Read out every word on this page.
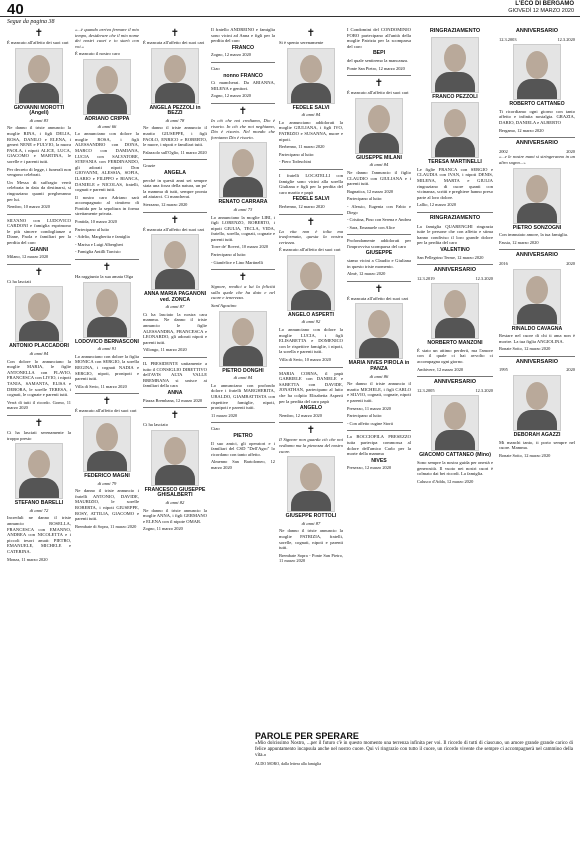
40	L'ECO DI BERGAMO
GIOVEDÌ 12 MARZO 2020
Segue da pagina 38
✝

È mancato all'affetto dei suoi cari

GIOVANNI MOROTTI (Angeli)
di anni 83

Ne danno il triste annuncio la moglie RINA, i figli DELIA, ROSA, DANILO e ELENA, i generi NENE e FULVIO, la nuora PAOLA, i nipoti ALICE, LUCA, GIACOMO e MARTINA, le sorelle e i parenti tutti.

Per decreto di legge, i funerali non vengono celebrati.

Un Messa di suffragio verrà celebrata in data da destinarsi, si ringraziano quanti pregheranno per lui.

Nembro, 10 marzo 2020

SILVANO con LUDOVICO CARDONI e famiglia esprimono le più sincere condoglianze a Diane, Paola e familiari per la perdita del caro

GIANNI

Milano, 12 marzo 2020

✝

Ci ha lasciati

ANTONIO PLACCADORI
di anni 84

Con dolore lo annunciano la moglie MARIA, le figlie ANTONELLA con FLAVIO, FRANCESCA con LIVIO, i nipoti TANIA, SAMANTA, ELISA e DEBORA, le sorelle TERESA, i cognati, le cognate e parenti tutti.

Verrà di tutti il ricordo. Gorno, 11 marzo 2020

✝

Ci ha lasciati serenamente la troppo presto

STEFANO BARELLI
di anni 72

Increduli ne danno il triste annuncio ROSELLA, FRANCESCA con EMANNO, ANDREA con NICOLETTA e i piccoli tesori amati: PIETRO, EMANUELE, MICHELE e CATERINA.

Monza, 11 marzo 2020

«...è quando arriva fermare il mio tempo, desiderare che il mio nome dei nostri cuori e io starò con voi.»

È mancato il nostro caro

ADRIANO CRIPPA
di anni 66

Lo annunciano con dolore la moglie ROSA, i figli ALESSANDRO con DONA, MARCO con DAMIANA, LUCIA con SALVATORE, STEFANIA con FERDINANDO, gli adorati nipoti Don GIOVANNI, ALESSIA, SOFIA, ILARIO e FILIPPO e BIANCA, DANIELE e NICOLAS, fratelli, cognati e parenti tutti.

Il nostro caro Adriano sarà accompagnato al cimitero di Pontida per la sepoltura in forma strettamente privata.

Pontida, 10 marzo 2020

Partecipano al lutto

- Adelio, Margherita e famiglia

- Marisa e Luigi Albergheri

- Famiglia Antilli Tarcisio

✝

Ha raggiunto la sua amata Olga

LODOVICO BERNASCONI
di anni 91

Lo annunciano con dolore la figlia MONICA con SERGIO, la sorella REGINA, i cognati NADIA e SERGIO, nipoti, pronipoti e parenti tutti.

Villa di Serio, 11 marzo 2020

✝

È mancato all'affetto dei suoi cari

FEDERICO MAGNI
di anni 79

Ne danno il triste annuncio i fratelli ANTONIO, DAVIDE, MAURIZIO, le sorelle ROBERTA, i nipoti GIUSEPPE, ROSY, ATTILIA, GIACOMO e parenti tutti.

Brembate di Sopra, 11 marzo 2020

✝

È mancata all'affetto dei suoi cari

ANGELA PEZZOLI in BEZZI
di anni 78

Ne danno il triste annuncio il marito GIUSEPPE, i figli PAOLO, ENRICO e ROBERTO, le nuore, i nipoti e familiari tutti.

Palazzolo sull'Oglio, 11 marzo 2020

Grazie

ANGELA

perché in questi anni sei sempre stata una forza della natura, un po' la mamma di tutti, sempre pronta ad aiutarci. Ci mancherai.

Stezzano, 12 marzo 2020

✝

È mancata all'affetto dei suoi cari

ANNA MARIA PAGANONI ved. ZONCA
di anni 87

Ci ha lasciato la nostra cara mamma. Ne danno il triste annuncio le figlie ALESSANDRA, FRANCESCA e LEONARDO, gli adorati nipoti e parenti tutti.

Villongo, 11 marzo 2020

IL PRESIDENTE unitamente a tutto il CONSIGLIO DIRETTIVO dell'AVIS ALTA VALLE BREMBANA si unisce ai familiari della cara

ANNA

Piazza Brembana, 12 marzo 2020

✝

Ci ha lasciato

FRANCESCO GIUSEPPE GHISALBERTI
di anni 82

Ne danno il triste annuncio la moglie ANNA, i figli GERMANO e ELENA con il nipote OMAR.

Zogno, 11 marzo 2020

Il fratello ANDREINO e famiglia sono vicini ad Anna e figli per la perdita del caro

FRANCO

Zogno, 12 marzo 2020

Ciao

nonno FRANCO

Ci mancherai. Da ARIANNA, MILENA e genitori.

Zogno, 12 marzo 2020

✝

In ciò che noi crediamo, Dio è risorto. In ciò che noi neghiamo, Dio è risorto. Nel mondo che forniamo Dio è risorto.

RENATO CARRARA
di anni 73

Lo annunciano la moglie LIBI, i figli LORENZO, ROBERTO, i nipoti GIULIA, TECLA, VIDA, fratello, sorella, cognati, cognate e parenti tutti.

Torre de' Roveri, 10 marzo 2020

Partecipano al lutto:

- Gianfelice e Lino Martinelli

✝

Signore, rendici a lui la felicità sulla quale che ha dato e nel cuore e tenerezza.

Sant'Agostino

PIETRO DONGHI
di anni 84

Lo annunciano con profondo dolore i fratelli MARGHERITA, UBALDO, GIAMBATTISTA con rispettive famiglie, nipoti, pronipoti e parenti tutti.

11 marzo 2020

Ciao

PIETRO

Il suo amici, gli operatori e i familiari del CSD "Dell'Agro" lo ricordano con tanto affetto.

Almenno San Bartolomeo, 12 marzo 2020

✝

Si è spento serenamente

FEDELE SALVI
di anni 84

Lo annunciano addolorati la moglie GIULIANA, i figli IVO, PATRIZIO e SUSANNA, nuore e nipoti.

Berbenno, 11 marzo 2020

Partecipano al lutto:

- Piero Todeschini

I fratelli LOCATELLI con famiglie sono vicini alla sorella Giuliana e figli per la perdita del caro marito e papà

FEDELE SALVI

Berbenno, 12 marzo 2020

✝

La vita non è tolta ma trasformata, questa la nostra certezza.

È mancato all'affetto dei suoi cari

ANGELO ASPERTI
di anni 92

Lo annunciano con dolore la moglie LUCIA, i figli ELISABETTA e DOMENICO con le rispettive famiglie, i nipoti, la sorella e parenti tutti.

Villa di Serio, 10 marzo 2020

MARIA CORNA, il papà GABRIELE con DANIELE e SABETTA con DAVIDE, JONATHAN, partecipano al lutto che ha colpito Elisabetta Asperti per la perdita del caro papà

ANGELO

Nembro, 12 marzo 2020

✝

Il Signore non guarda ciò che noi vediamo ma la pienezza del nostro cuore.

GIUSEPPE ROTTOLI
di anni 87

Ne danno il triste annuncio la moglie PATRIZIA, fratelli, sorelle, cognati, nipoti e parenti tutti.

Brembate Sopra - Ponte San Pietro, 11 marzo 2020

I Condomini del CONDOMINIO FORO partecipano all'unità della moglie Patrizia per la scomparsa del caro

BEPI

del quale sentiremo la mancanza.

Ponte San Pietro, 12 marzo 2020

✝

È mancato all'affetto dei suoi cari

GIUSEPPE MILANI
di anni 84

Ne danno l'annuncio il figlio CLAUDIO con GIULIANA e i parenti tutti.

Bagnatica, 12 marzo 2020

Partecipano al lutto:

- Alessio, Eugenia con Fabio e Diego

- Cristina, Pino con Serena e Andrea

- Sara, Emanuele con Alice

Profondamente addolorati per l'improvvisa scomparsa del caro

GIUSEPPE

siamo vicini a Claudio e Giuliana in questo triste momento.

Almè, 12 marzo 2020

✝

È mancata all'affetto dei suoi cari

MARIA NIVES PIROLA in PANZA
di anni 86

Ne danno il triste annuncio il marito MICHELE, i figli CARLO e SILVIO, cognati, cognate, nipoti e parenti tutti.

Presezzo, 11 marzo 2020

Partecipano al lutto:

- Con affetto cugine Storti

La BOCCIOFILA PRESEZZO tutta partecipa commossa al dolore dell'amico Carlo per la morte della mamma

NIVES

Presezzo, 12 marzo 2020

RINGRAZIAMENTO
FRANCO PEZZOLI
TERESA MARTINELLI

Le figlie FRANCA con SERGIO e CLAUDIA con IVAN, i nipoti DENIS, MILENA, MARTA e GIULIA ringraziano di cuore quanti con vicinanza, scritti e preghiere hanno preso parte al loro dolore.

Lallio, 12 marzo 2020

RINGRAZIAMENTO

La famiglia QUARENGHI ringrazia tutte le persone che con affetto e stima hanno condiviso il loro grande dolore per la perdita del caro

VALENTINO

San Pellegrino Terme, 12 marzo 2020

ANNIVERSARIO
12.3.2019	12.3.2020
NORBERTO MANZONI

È stato un attimo perderti, ma l'amore con il quale ci hai avvolto ci accompagna ogni giorno.

Ambivere, 12 marzo 2020

ANNIVERSARIO
12.3.2005	12.3.2020
GIACOMO CATTANEO (Mino)

Sono sempre la nostra guida per onestà e generosità. Il vuoto nei nostri cuori è colmato dai bei ricordi. La famiglia.

Calusco d'Adda, 12 marzo 2020

ANNIVERSARIO
12.3.2003	12.3.2020
ROBERTO CATTANEO

Ti ricordiamo ogni giorno con tanto affetto e infinita nostalgia. GRAZIA, DARIO, DANIELA e ALBERTO

Bergamo, 12 marzo 2020

ANNIVERSARIO
2002	2020

«...e le nostre mani si stringeranno in un altro sogno...»

PIETRO SONZOGNI

Con immutato amore, la tua famiglia.

Fassia, 12 marzo 2020

ANNIVERSARIO
2016	2020
RINALDO CAVAGNA

Restare nel cuore di chi ti ama non è morire. La tua figlia ANGIOLINA.

Bonate Sotto, 12 marzo 2020

ANNIVERSARIO
1995	2020
DEBORAH AGAZZI

Mi manchi tanto, ti porto sempre nel cuore. Mamma.

Bonate Sotto, 12 marzo 2020

PAROLE PER SPERARE

«Mio dolcissimo Nostro, ...per il futuro c'è in questo momento una terrenza infinita per voi. Il ricordo di tutti di ciascuno, un amore grande grande carico di felice appuntamento incapsula anche nel nostro cuore. Qui vi ringrazio con tutto il cuore, un ricordo vivente che sempre ci accompagnerà nel cammino della vita.»

ALDO MORO, dalla lettera alla famiglia
